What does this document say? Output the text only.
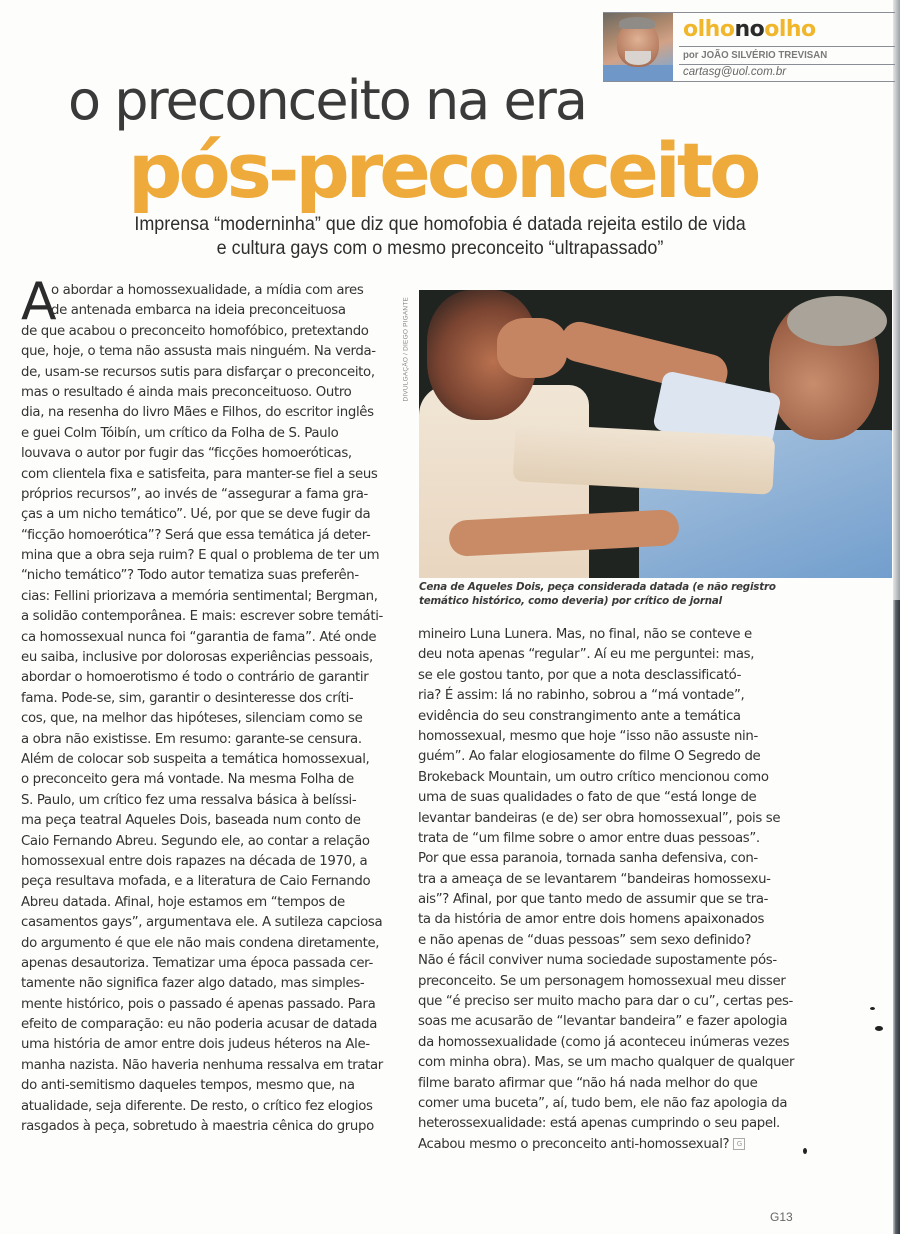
olhonoolho
por JOÃO SILVÉRIO TREVISAN
cartasg@uol.com.br
o preconceito na era
pós-preconceito
Imprensa “moderninha” que diz que homofobia é datada rejeita estilo de vida
e cultura gays com o mesmo preconceito “ultrapassado”
A
o abordar a homossexualidade, a mídia com ares
de antenada embarca na ideia preconceituosa
de que acabou o preconceito homofóbico, pretextando
que, hoje, o tema não assusta mais ninguém. Na verda-
de, usam-se recursos sutis para disfarçar o preconceito,
mas o resultado é ainda mais preconceituoso. Outro
dia, na resenha do livro Mães e Filhos, do escritor inglês
e guei Colm Tóibín, um crítico da Folha de S. Paulo
louvava o autor por fugir das “ficções homoeróticas,
com clientela fixa e satisfeita, para manter-se fiel a seus
próprios recursos”, ao invés de “assegurar a fama gra-
ças a um nicho temático”. Ué, por que se deve fugir da
“ficção homoerótica”? Será que essa temática já deter-
mina que a obra seja ruim? E qual o problema de ter um
“nicho temático”? Todo autor tematiza suas preferên-
cias: Fellini priorizava a memória sentimental; Bergman,
a solidão contemporânea. E mais: escrever sobre temáti-
ca homossexual nunca foi “garantia de fama”. Até onde
eu saiba, inclusive por dolorosas experiências pessoais,
abordar o homoerotismo é todo o contrário de garantir
fama. Pode-se, sim, garantir o desinteresse dos críti-
cos, que, na melhor das hipóteses, silenciam como se
a obra não existisse. Em resumo: garante-se censura.
Além de colocar sob suspeita a temática homossexual,
o preconceito gera má vontade. Na mesma Folha de
S. Paulo, um crítico fez uma ressalva básica à belíssi-
ma peça teatral Aqueles Dois, baseada num conto de
Caio Fernando Abreu. Segundo ele, ao contar a relação
homossexual entre dois rapazes na década de 1970, a
peça resultava mofada, e a literatura de Caio Fernando
Abreu datada. Afinal, hoje estamos em “tempos de
casamentos gays”, argumentava ele. A sutileza capciosa
do argumento é que ele não mais condena diretamente,
apenas desautoriza. Tematizar uma época passada cer-
tamente não significa fazer algo datado, mas simples-
mente histórico, pois o passado é apenas passado. Para
efeito de comparação: eu não poderia acusar de datada
uma história de amor entre dois judeus héteros na Ale-
manha nazista. Não haveria nenhuma ressalva em tratar
do anti-semitismo daqueles tempos, mesmo que, na
atualidade, seja diferente. De resto, o crítico fez elogios
rasgados à peça, sobretudo à maestria cênica do grupo
DIVULGAÇÃO / DIEGO PIGANTE
Cena de Aqueles Dois, peça considerada datada (e não registro
temático histórico, como deveria) por crítico de jornal
mineiro Luna Lunera. Mas, no final, não se conteve e
deu nota apenas “regular”. Aí eu me perguntei: mas,
se ele gostou tanto, por que a nota desclassificató-
ria? É assim: lá no rabinho, sobrou a “má vontade”,
evidência do seu constrangimento ante a temática
homossexual, mesmo que hoje “isso não assuste nin-
guém”. Ao falar elogiosamente do filme O Segredo de
Brokeback Mountain, um outro crítico mencionou como
uma de suas qualidades o fato de que “está longe de
levantar bandeiras (e de) ser obra homossexual”, pois se
trata de “um filme sobre o amor entre duas pessoas”.
Por que essa paranoia, tornada sanha defensiva, con-
tra a ameaça de se levantarem “bandeiras homossexu-
ais”? Afinal, por que tanto medo de assumir que se tra-
ta da história de amor entre dois homens apaixonados
e não apenas de “duas pessoas” sem sexo definido?
Não é fácil conviver numa sociedade supostamente pós-
preconceito. Se um personagem homossexual meu disser
que “é preciso ser muito macho para dar o cu”, certas pes-
soas me acusarão de “levantar bandeira” e fazer apologia
da homossexualidade (como já aconteceu inúmeras vezes
com minha obra). Mas, se um macho qualquer de qualquer
filme barato afirmar que “não há nada melhor do que
comer uma buceta”, aí, tudo bem, ele não faz apologia da
heterossexualidade: está apenas cumprindo o seu papel.
Acabou mesmo o preconceito anti-homossexual? G
G13
